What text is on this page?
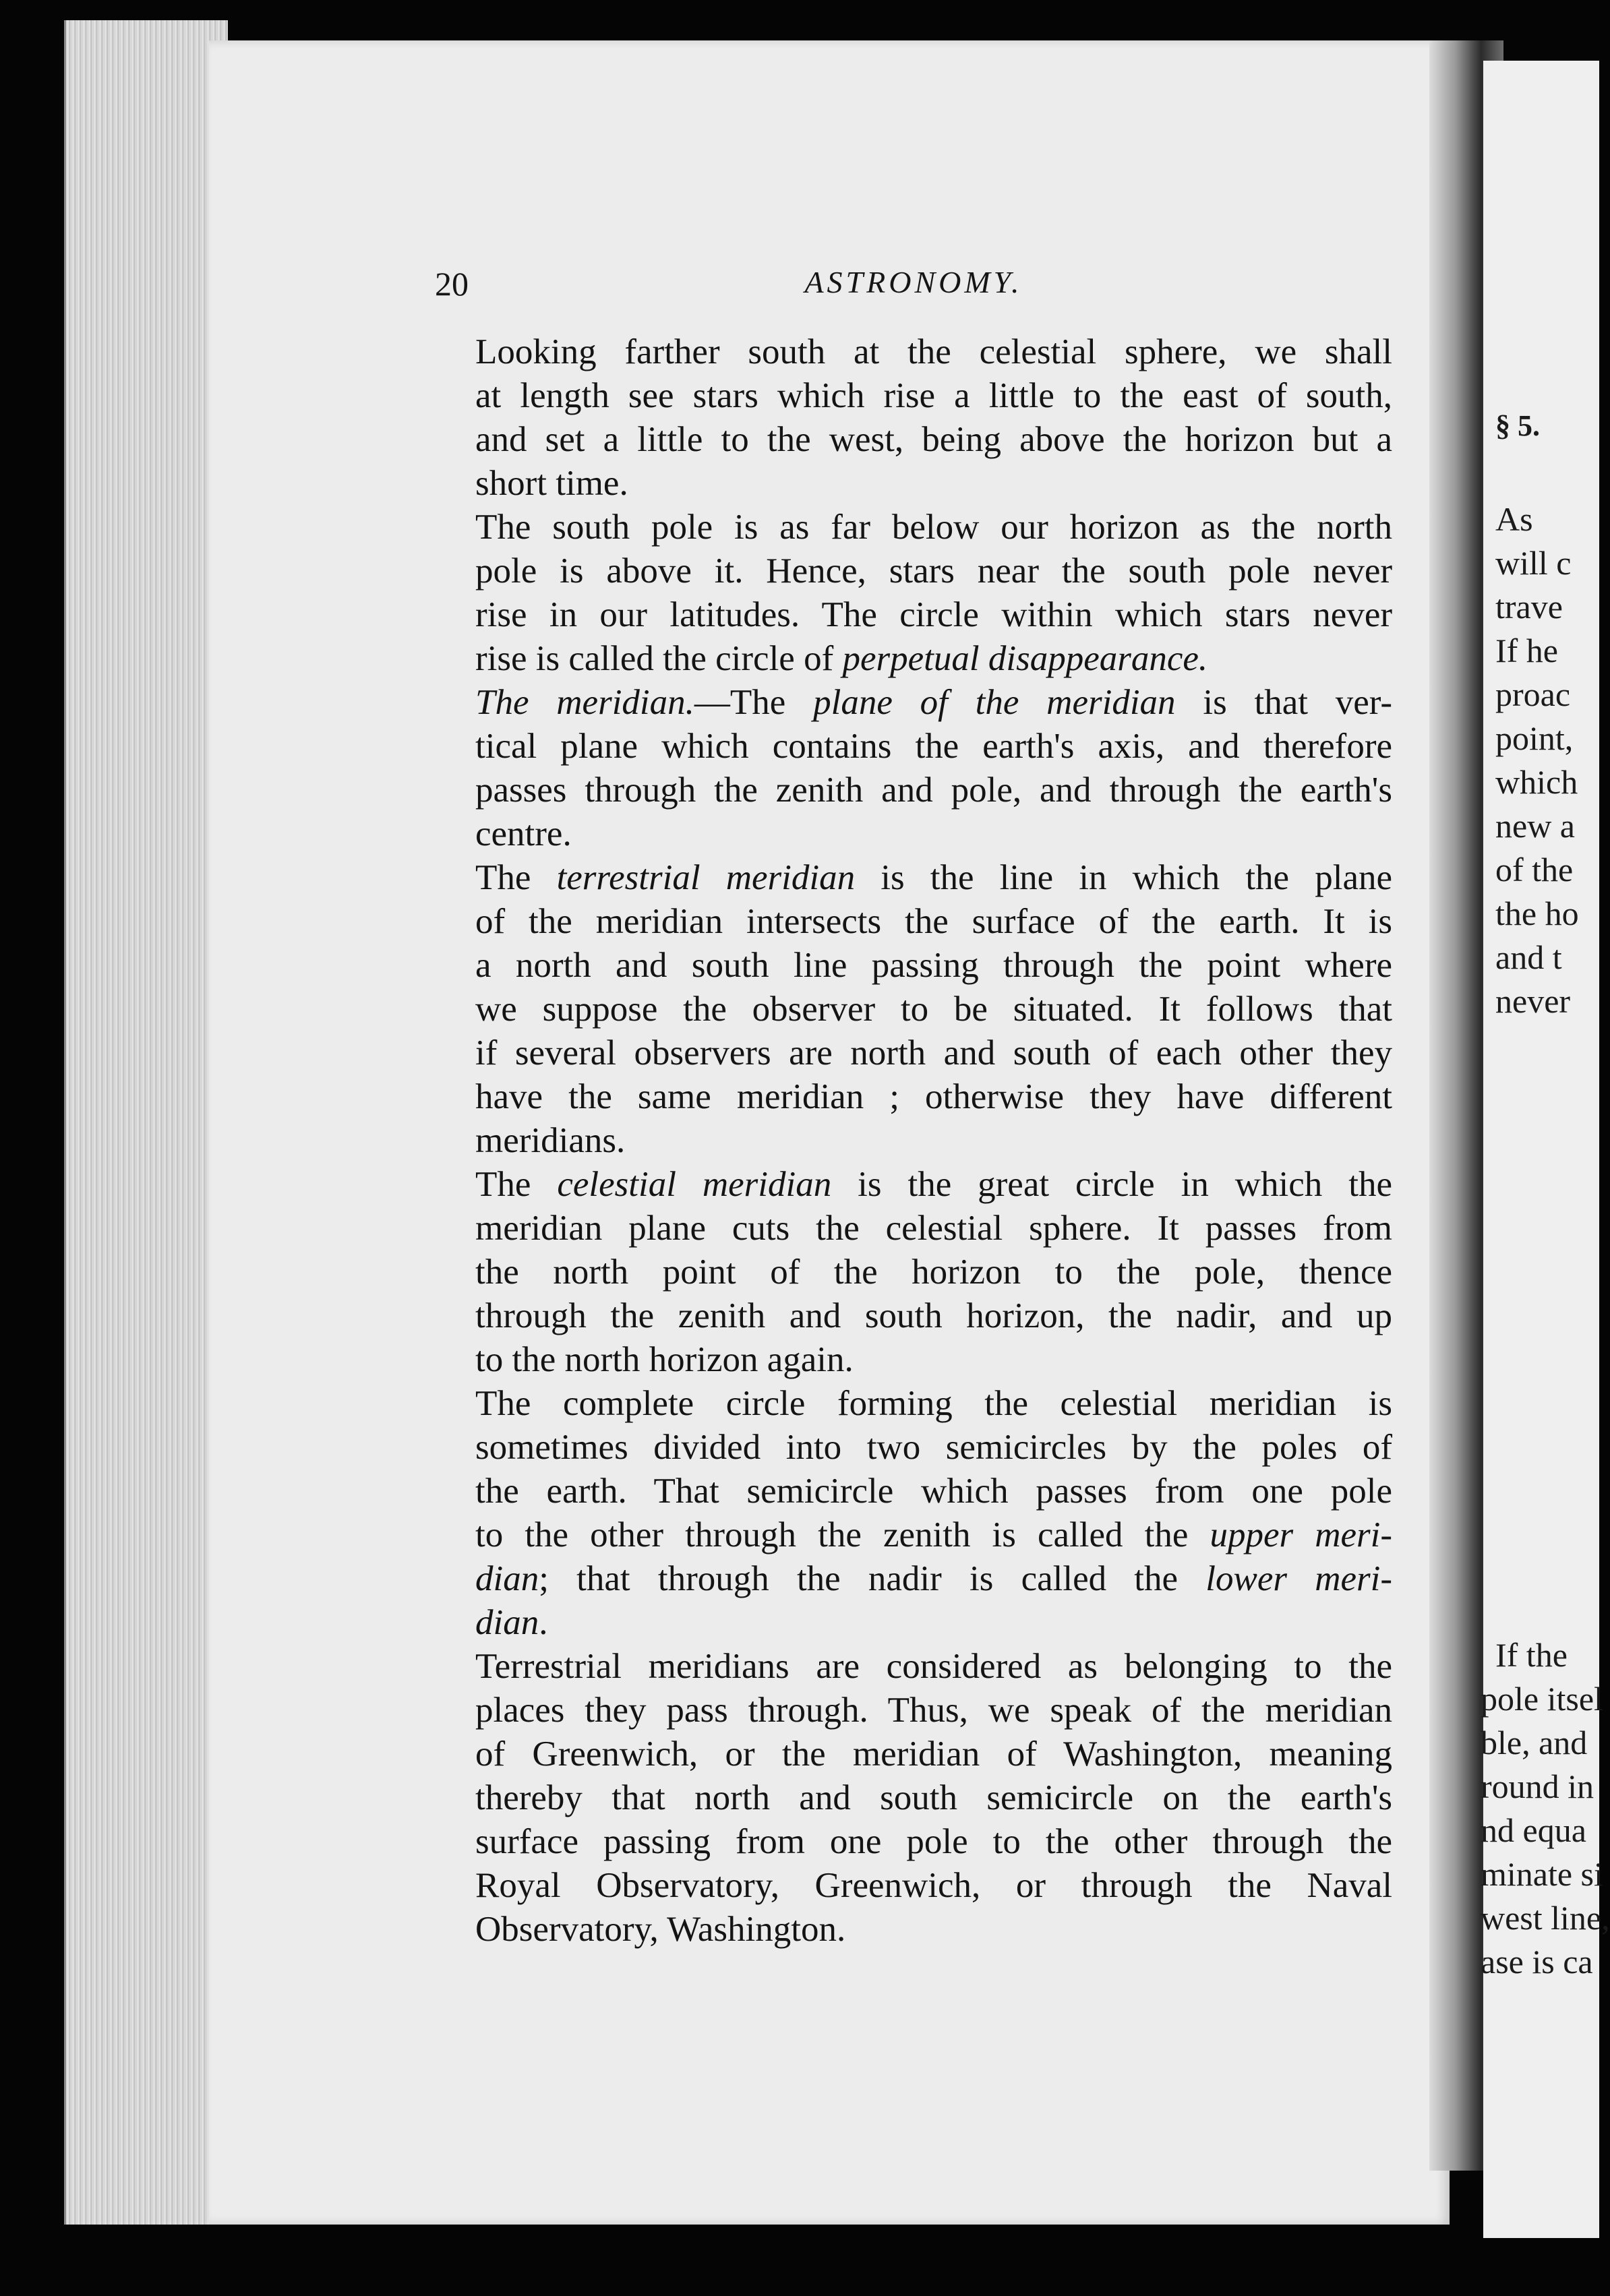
§ 5.
As
will c
trave
If he
proac
point,
which
new a
of the
the ho
and t
never
If the
pole itsel
ble, and
round in
nd equa
minate si
west line,
ase is ca
20	ASTRONOMY.

Looking farther south at the celestial sphere, we shall
at length see stars which rise a little to the east of south,
and set a little to the west, being above the horizon but a
short time.

The south pole is as far below our horizon as the north
pole is above it. Hence, stars near the south pole never
rise in our latitudes. The circle within which stars never
rise is called the circle of perpetual disappearance.

The meridian.—The plane of the meridian is that ver-
tical plane which contains the earth's axis, and therefore
passes through the zenith and pole, and through the earth's
centre.

The terrestrial meridian is the line in which the plane
of the meridian intersects the surface of the earth. It is
a north and south line passing through the point where
we suppose the observer to be situated. It follows that
if several observers are north and south of each other they
have the same meridian ; otherwise they have different
meridians.

The celestial meridian is the great circle in which the
meridian plane cuts the celestial sphere. It passes from
the north point of the horizon to the pole, thence
through the zenith and south horizon, the nadir, and up
to the north horizon again.

The complete circle forming the celestial meridian is
sometimes divided into two semicircles by the poles of
the earth. That semicircle which passes from one pole
to the other through the zenith is called the upper meri-
dian; that through the nadir is called the lower meri-
dian.

Terrestrial meridians are considered as belonging to the
places they pass through. Thus, we speak of the meridian
of Greenwich, or the meridian of Washington, meaning
thereby that north and south semicircle on the earth's
surface passing from one pole to the other through the
Royal Observatory, Greenwich, or through the Naval
Observatory, Washington.
